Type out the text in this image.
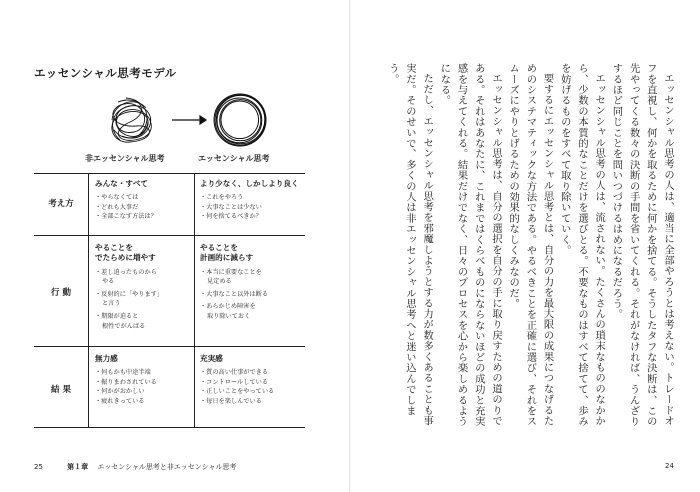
エッセンシャル思考モデル
非エッセンシャル思考	エッセンシャル思考
考え方
みんな・すべて
・やらなくては
・どれも大事だ
・全部こなす方法は？
より少なく、しかしより良く
・これをやろう
・大事なことは少ない
・何を捨てるべきか？
行 動
やることを
でたらめに増やす
・差し迫ったものから
やる
・反射的に「やります」
と言う
・期限が迫ると
根性でがんばる
やることを
計画的に減らす
・本当に重要なことを
見定める
・大事なこと以外は断る
・あらかじめ障害を
取り除いておく
結 果
無力感
・何もかも中途半端
・振りまわされている
・何かがおかしい
・疲れきっている
充実感
・質の高い仕事ができる
・コントロールしている
・正しいことをやっている
・毎日を楽しんでいる
25	第１章 エッセンシャル思考と非エッセンシャル思考

エッセンシャル思考の人は、適当に全部やろうとは考えない。トレードオフを直視し、何かを取るために何かを捨てる。そうしたタフな決断は、この先やってくる数々の決断の手間を省いてくれる。それがなければ、うんざりするほど同じことを問いつづけるはめになるだろう。

エッセンシャル思考の人は、流されない。たくさんの瑣末なもののなかから、少数の本質的なことだけを選びとる。不要なものはすべて捨てて、歩みを妨げるものをすべて取り除いていく。

要するにエッセンシャル思考とは、自分の力を最大限の成果につなげるためのシステマティックな方法である。やるべきことを正確に選び、それをスムーズにやりとげるための効果的なしくみなのだ。

エッセンシャル思考は、自分の選択を自分の手に取り戻すための道のりである。それはあなたに、これまではくらべものにならないほどの成功と充実感を与えてくれる。結果だけでなく、日々のプロセスを心から楽しめるようになる。

ただし、エッセンシャル思考を邪魔しようとする力が数多くあることも事実だ。そのせいで、多くの人は非エッセンシャル思考へと迷い込んでしまう。

24
